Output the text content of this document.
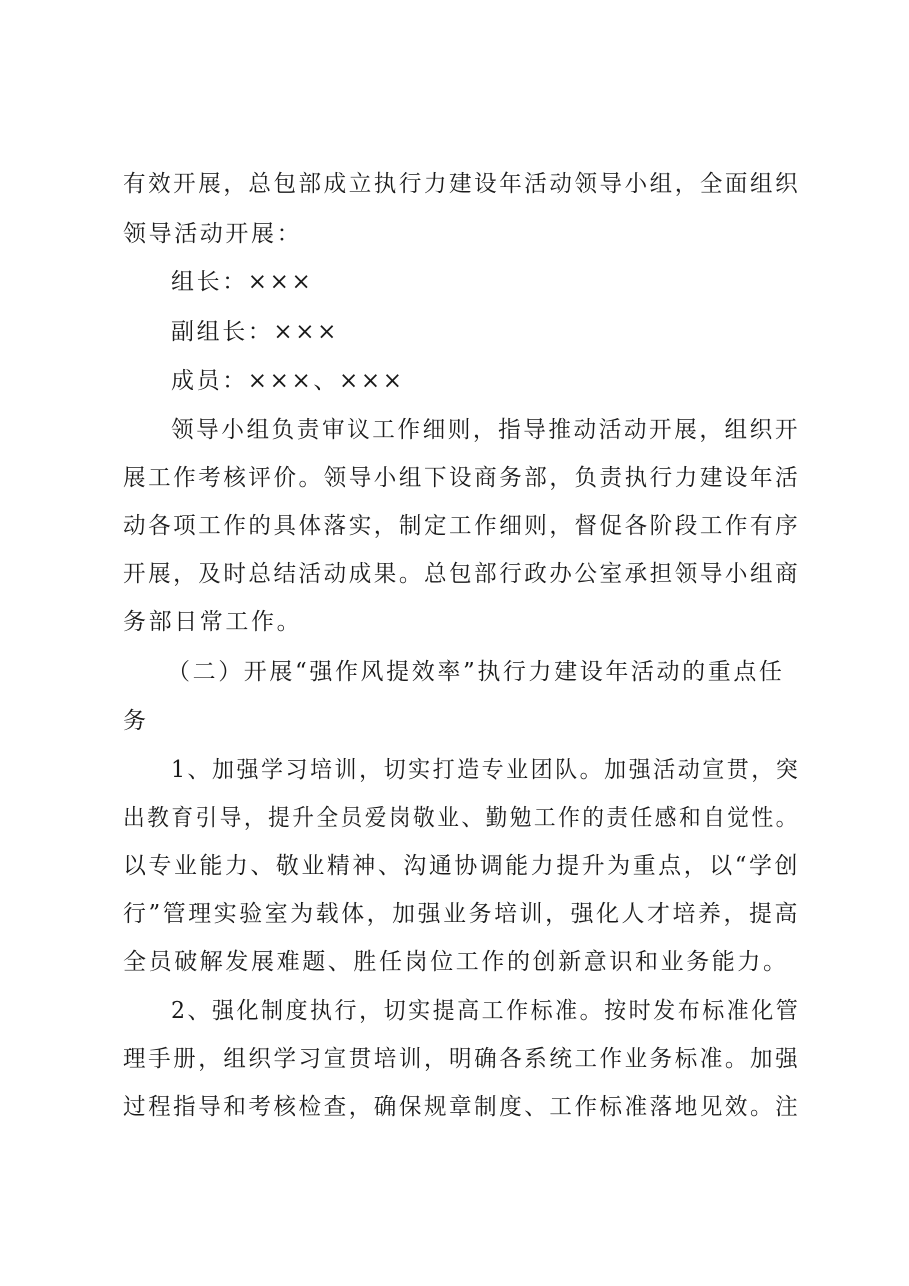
有效开展，总包部成立执行力建设年活动领导小组，全面组织
领导活动开展：
组长：×××
副组长：×××
成员：×××、×××
领导小组负责审议工作细则，指导推动活动开展，组织开
展工作考核评价。领导小组下设商务部，负责执行力建设年活
动各项工作的具体落实，制定工作细则，督促各阶段工作有序
开展，及时总结活动成果。总包部行政办公室承担领导小组商
务部日常工作。
（二）开展“强作风提效率”执行力建设年活动的重点任
务
1、加强学习培训，切实打造专业团队。加强活动宣贯，突
出教育引导，提升全员爱岗敬业、勤勉工作的责任感和自觉性。
以专业能力、敬业精神、沟通协调能力提升为重点，以“学创
行”管理实验室为载体，加强业务培训，强化人才培养，提高
全员破解发展难题、胜任岗位工作的创新意识和业务能力。
2、强化制度执行，切实提高工作标准。按时发布标准化管
理手册，组织学习宣贯培训，明确各系统工作业务标准。加强
过程指导和考核检查，确保规章制度、工作标准落地见效。注
